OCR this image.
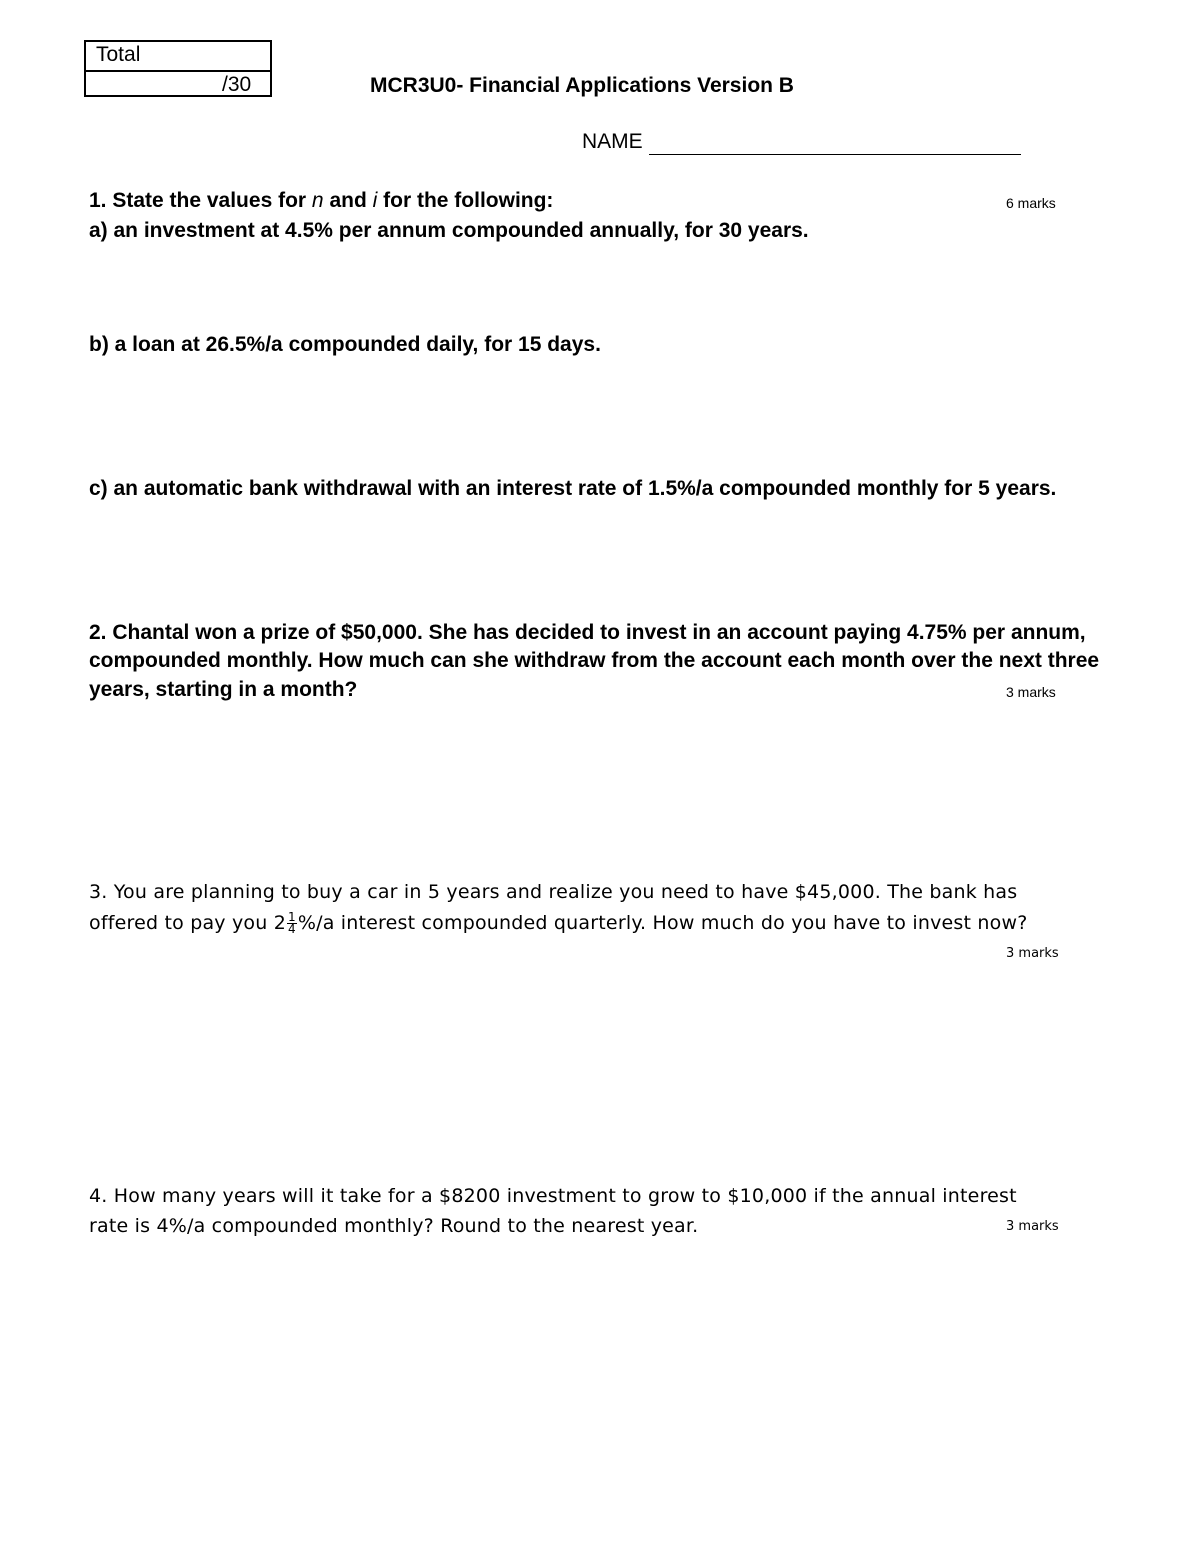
Total
/30	MCR3U0- Financial Applications Version B
NAME
1. State the values for n and i for the following:	6 marks
a) an investment at 4.5% per annum compounded annually, for 30 years.
b) a loan at 26.5%/a compounded daily, for 15 days.
c) an automatic bank withdrawal with an interest rate of 1.5%/a compounded monthly for 5 years.
2. Chantal won a prize of $50,000. She has decided to invest in an account paying 4.75% per annum,
compounded monthly. How much can she withdraw from the account each month over the next three
years, starting in a month?	3 marks
3. You are planning to buy a car in 5 years and realize you need to have $45,000. The bank has
offered to pay you $2 \frac{1}{4} \%/a$ interest compounded quarterly. How much do you have to invest now?
3 marks
4. How many years will it take for a $8200 investment to grow to $10,000 if the annual interest
rate is 4%/a compounded monthly? Round to the nearest year.	3 marks
